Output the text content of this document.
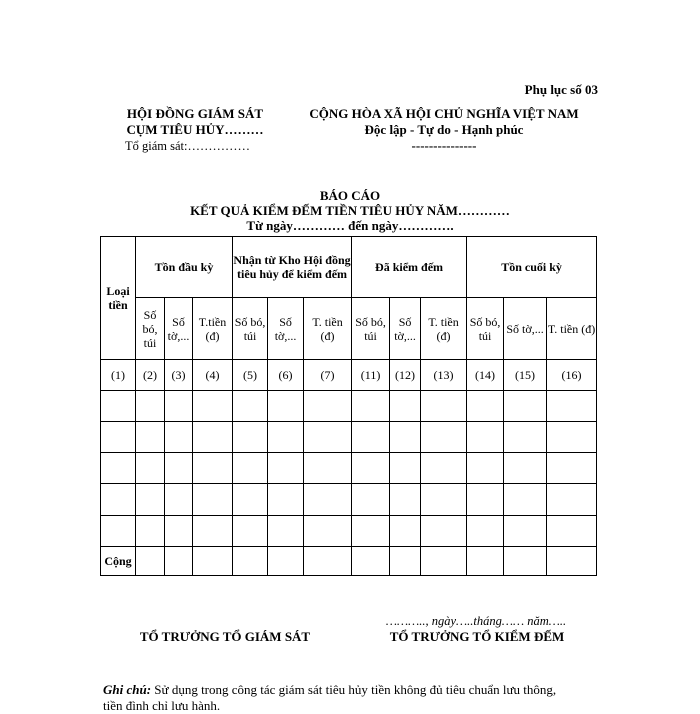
Phụ lục số 03
HỘI ĐỒNG GIÁM SÁT
CỤM TIÊU HỦY………
Tổ giám sát:……………
CỘNG HÒA XÃ HỘI CHỦ NGHĨA VIỆT NAM
Độc lập - Tự do - Hạnh phúc
---------------
BÁO CÁO
KẾT QUẢ KIỂM ĐẾM TIỀN TIÊU HỦY NĂM…………
Từ ngày………… đến ngày………….
Loại tiền	Tồn đầu kỳ			Nhận từ Kho Hội đồng tiêu hủy để kiểm đếm			Đã kiểm đếm			Tồn cuối kỳ		
	Số bó, túi	Số tờ,...	T.tiền (đ)	Số bó, túi	Số tờ,...	T. tiền (đ)	Số bó, túi	Số tờ,...	T. tiền (đ)	Số bó, túi	Số tờ,...	T. tiền (đ)
(1)	(2)	(3)	(4)	(5)	(6)	(7)	(11)	(12)	(13)	(14)	(15)	(16)

Cộng												
……….., ngày…..tháng…… năm…..
TỔ TRƯỞNG TỔ GIÁM SÁT	TỔ TRƯỞNG TỔ KIỂM ĐẾM
Ghi chú: Sử dụng trong công tác giám sát tiêu hủy tiền không đủ tiêu chuẩn lưu thông,
tiền đình chỉ lưu hành.
